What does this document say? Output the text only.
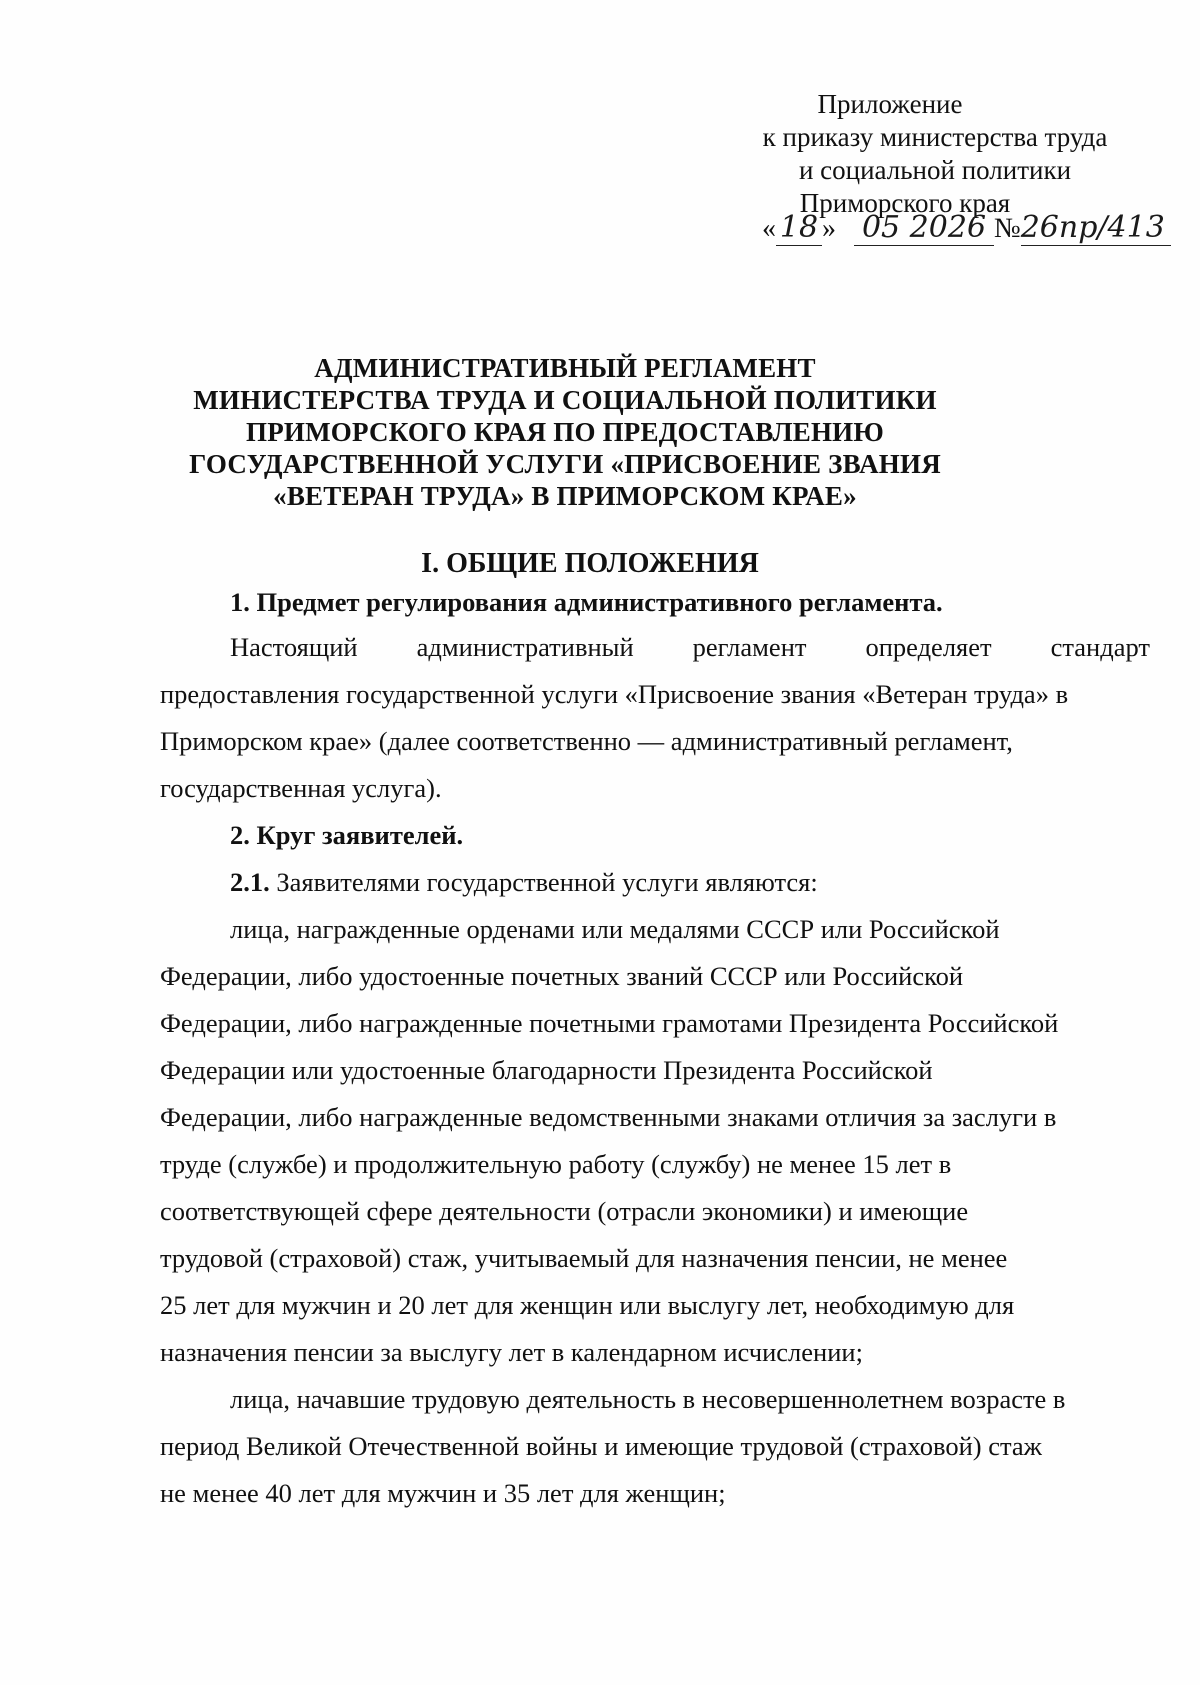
Приложение
к приказу министерства труда
и социальной политики
Приморского края
« 18 » 05 2026 №26пр/413
АДМИНИСТРАТИВНЫЙ РЕГЛАМЕНТ
МИНИСТЕРСТВА ТРУДА И СОЦИАЛЬНОЙ ПОЛИТИКИ
ПРИМОРСКОГО КРАЯ ПО ПРЕДОСТАВЛЕНИЮ
ГОСУДАРСТВЕННОЙ УСЛУГИ «ПРИСВОЕНИЕ ЗВАНИЯ
«ВЕТЕРАН ТРУДА» В ПРИМОРСКОМ КРАЕ»
I. ОБЩИЕ ПОЛОЖЕНИЯ
1. Предмет регулирования административного регламента.
Настоящий административный регламент определяет стандарт
предоставления государственной услуги «Присвоение звания «Ветеран труда» в
Приморском крае» (далее соответственно — административный регламент,
государственная услуга).
2. Круг заявителей.
2.1. Заявителями государственной услуги являются:
лица, награжденные орденами или медалями СССР или Российской
Федерации, либо удостоенные почетных званий СССР или Российской
Федерации, либо награжденные почетными грамотами Президента Российской
Федерации или удостоенные благодарности Президента Российской
Федерации, либо награжденные ведомственными знаками отличия за заслуги в
труде (службе) и продолжительную работу (службу) не менее 15 лет в
соответствующей сфере деятельности (отрасли экономики) и имеющие
трудовой (страховой) стаж, учитываемый для назначения пенсии, не менее
25 лет для мужчин и 20 лет для женщин или выслугу лет, необходимую для
назначения пенсии за выслугу лет в календарном исчислении;
лица, начавшие трудовую деятельность в несовершеннолетнем возрасте в
период Великой Отечественной войны и имеющие трудовой (страховой) стаж
не менее 40 лет для мужчин и 35 лет для женщин;
